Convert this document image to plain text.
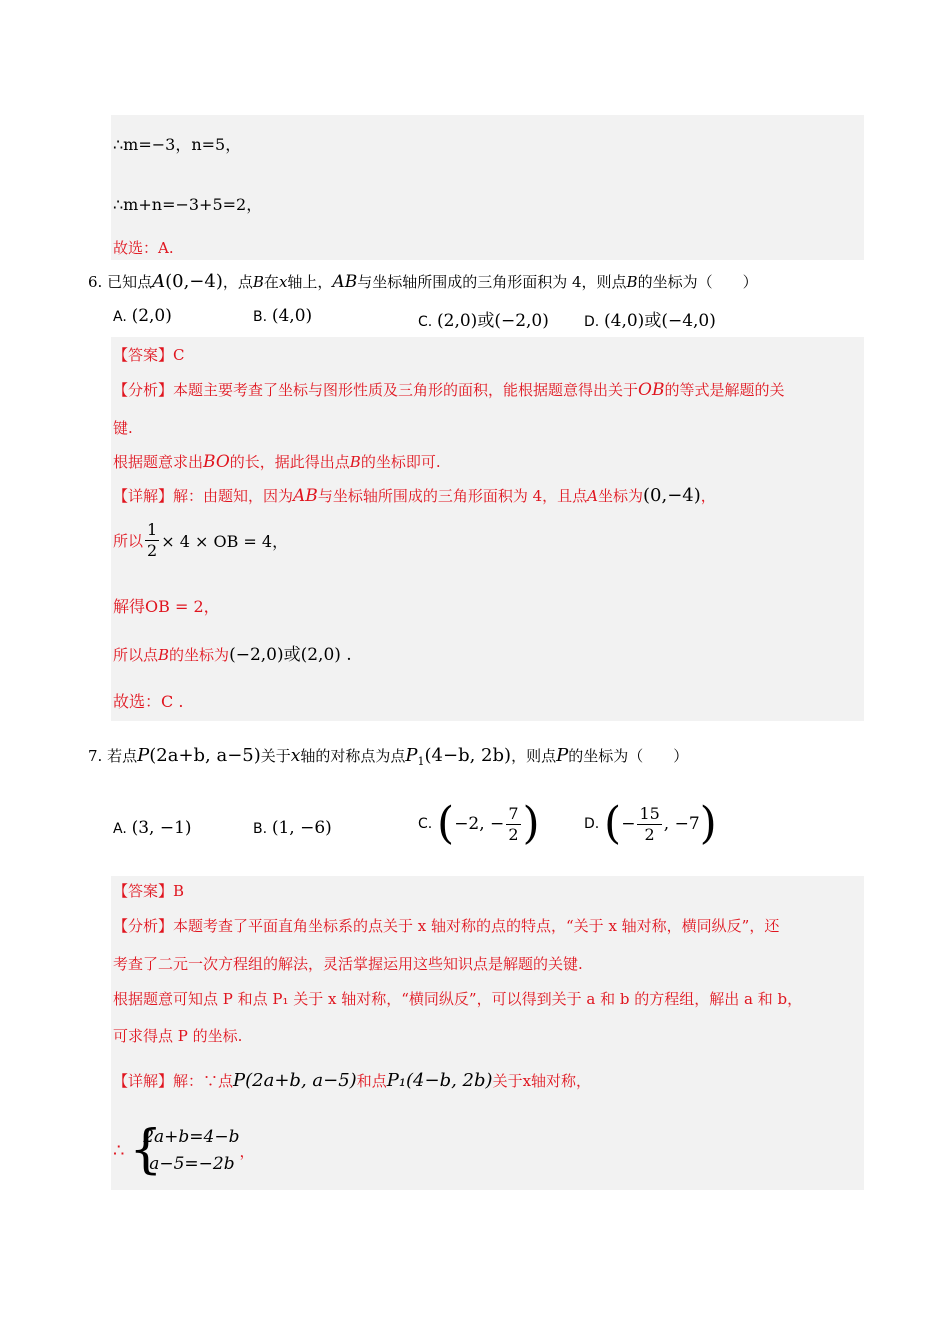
∴m=−3，n=5，
∴m+n=−3+5=2，
故选：A.
6. 已知点A(0,−4)，点B在x轴上，AB与坐标轴所围成的三角形面积为 4，则点B的坐标为（　　）
A. (2,0)	B. (4,0)	C. (2,0)或(−2,0)	D. (4,0)或(−4,0)
【答案】C
【分析】本题主要考查了坐标与图形性质及三角形的面积，能根据题意得出关于OB的等式是解题的关
键.
根据题意求出BO的长，据此得出点B的坐标即可.
【详解】解：由题知，因为AB与坐标轴所围成的三角形面积为 4，且点A坐标为(0,−4)，
所以 $\frac{1}{2} \times 4$ × OB = 4，
解得OB = 2，
所以点B的坐标为(−2,0)或(2,0) .
故选：C .
7. 若点P(2a+b, a−5)关于x轴的对称点为点$P_1(4-b$, 2b)，则点P的坐标为（　　）
A. (3, −1)	B. (1, −6)	C. (−2, − $\frac{7}{2}$ )	D. (− $\frac{15}{2}$ , −7)
【答案】B
【分析】本题考查了平面直角坐标系的点关于 x 轴对称的点的特点，“关于 x 轴对称，横同纵反”，还
考查了二元一次方程组的解法，灵活掌握运用这些知识点是解题的关键.
根据题意可知点 P 和点 P₁ 关于 x 轴对称，“横同纵反”，可以得到关于 a 和 b 的方程组，解出 a 和 b，
可求得点 P 的坐标.
【详解】解：∵点P(2a+b, a−5)和点P₁(4−b, 2b)关于x轴对称，
∴ {
2a+b=4−b
a−5=−2b
，
